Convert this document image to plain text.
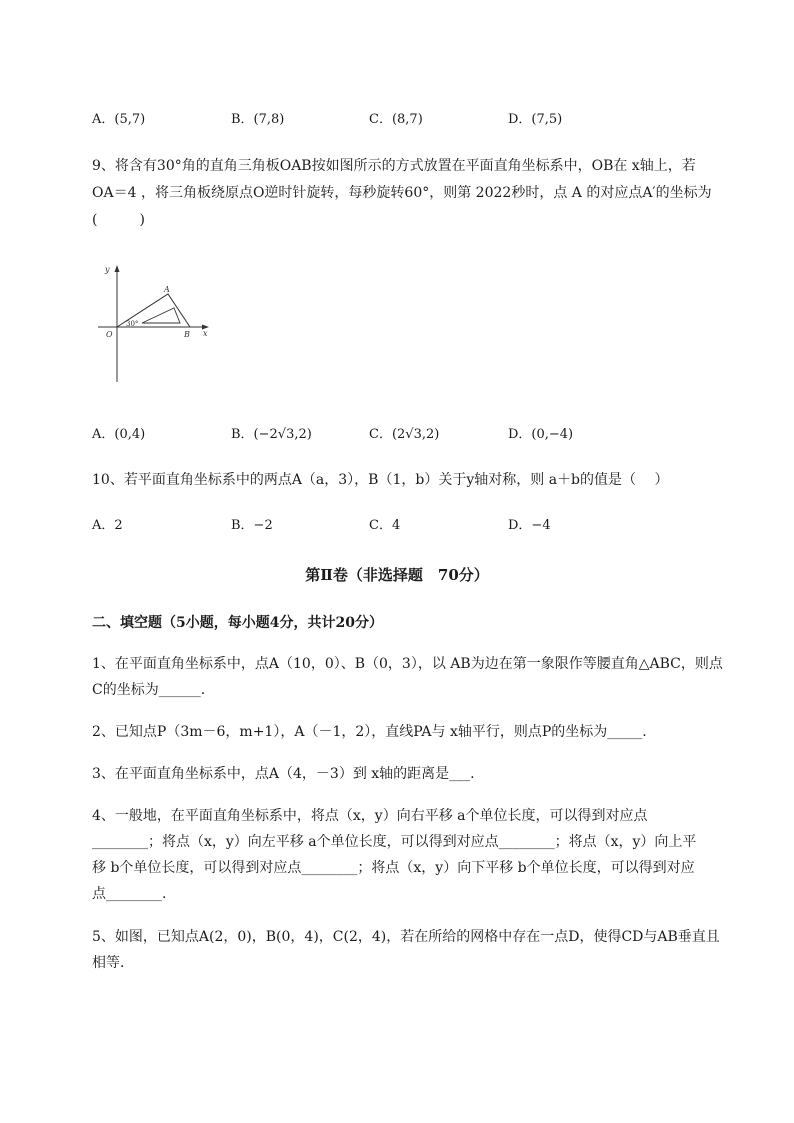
A．(5,7)	B．(7,8)	C．(8,7)	D．(7,5)
9、将含有30°角的直角三角板OAB按如图所示的方式放置在平面直角坐标系中，OB在 x轴上，若
OA＝4 ，将三角板绕原点O逆时针旋转，每秒旋转60°，则第 2022秒时，点 A 的对应点A′的坐标为
(　　　)
y
x
O
A
B
30°
A．(0,4)	B．(−2√3,2)	C．(2√3,2)	D．(0,−4)
10、若平面直角坐标系中的两点A（a，3），B（1，b）关于y轴对称，则 a＋b的值是（　 ）
A．2	B．−2	C．4	D．−4
第Ⅱ卷（非选择题　70分）
二、填空题（5小题，每小题4分，共计20分）
1、在平面直角坐标系中，点A（10，0）、B（0，3），以 AB为边在第一象限作等腰直角△ABC，则点
C的坐标为______.
2、已知点P（3m－6，m+1），A（－1，2），直线PA与 x轴平行，则点P的坐标为_____.
3、在平面直角坐标系中，点A（4，－3）到 x轴的距离是___.
4、一般地，在平面直角坐标系中，将点（x，y）向右平移 a个单位长度，可以得到对应点
________；将点（x，y）向左平移 a个单位长度，可以得到对应点________；将点（x，y）向上平
移 b个单位长度，可以得到对应点________；将点（x，y）向下平移 b个单位长度，可以得到对应
点________.
5、如图，已知点A(2，0)，B(0，4)，C(2，4)，若在所给的网格中存在一点D，使得CD与AB垂直且
相等．
